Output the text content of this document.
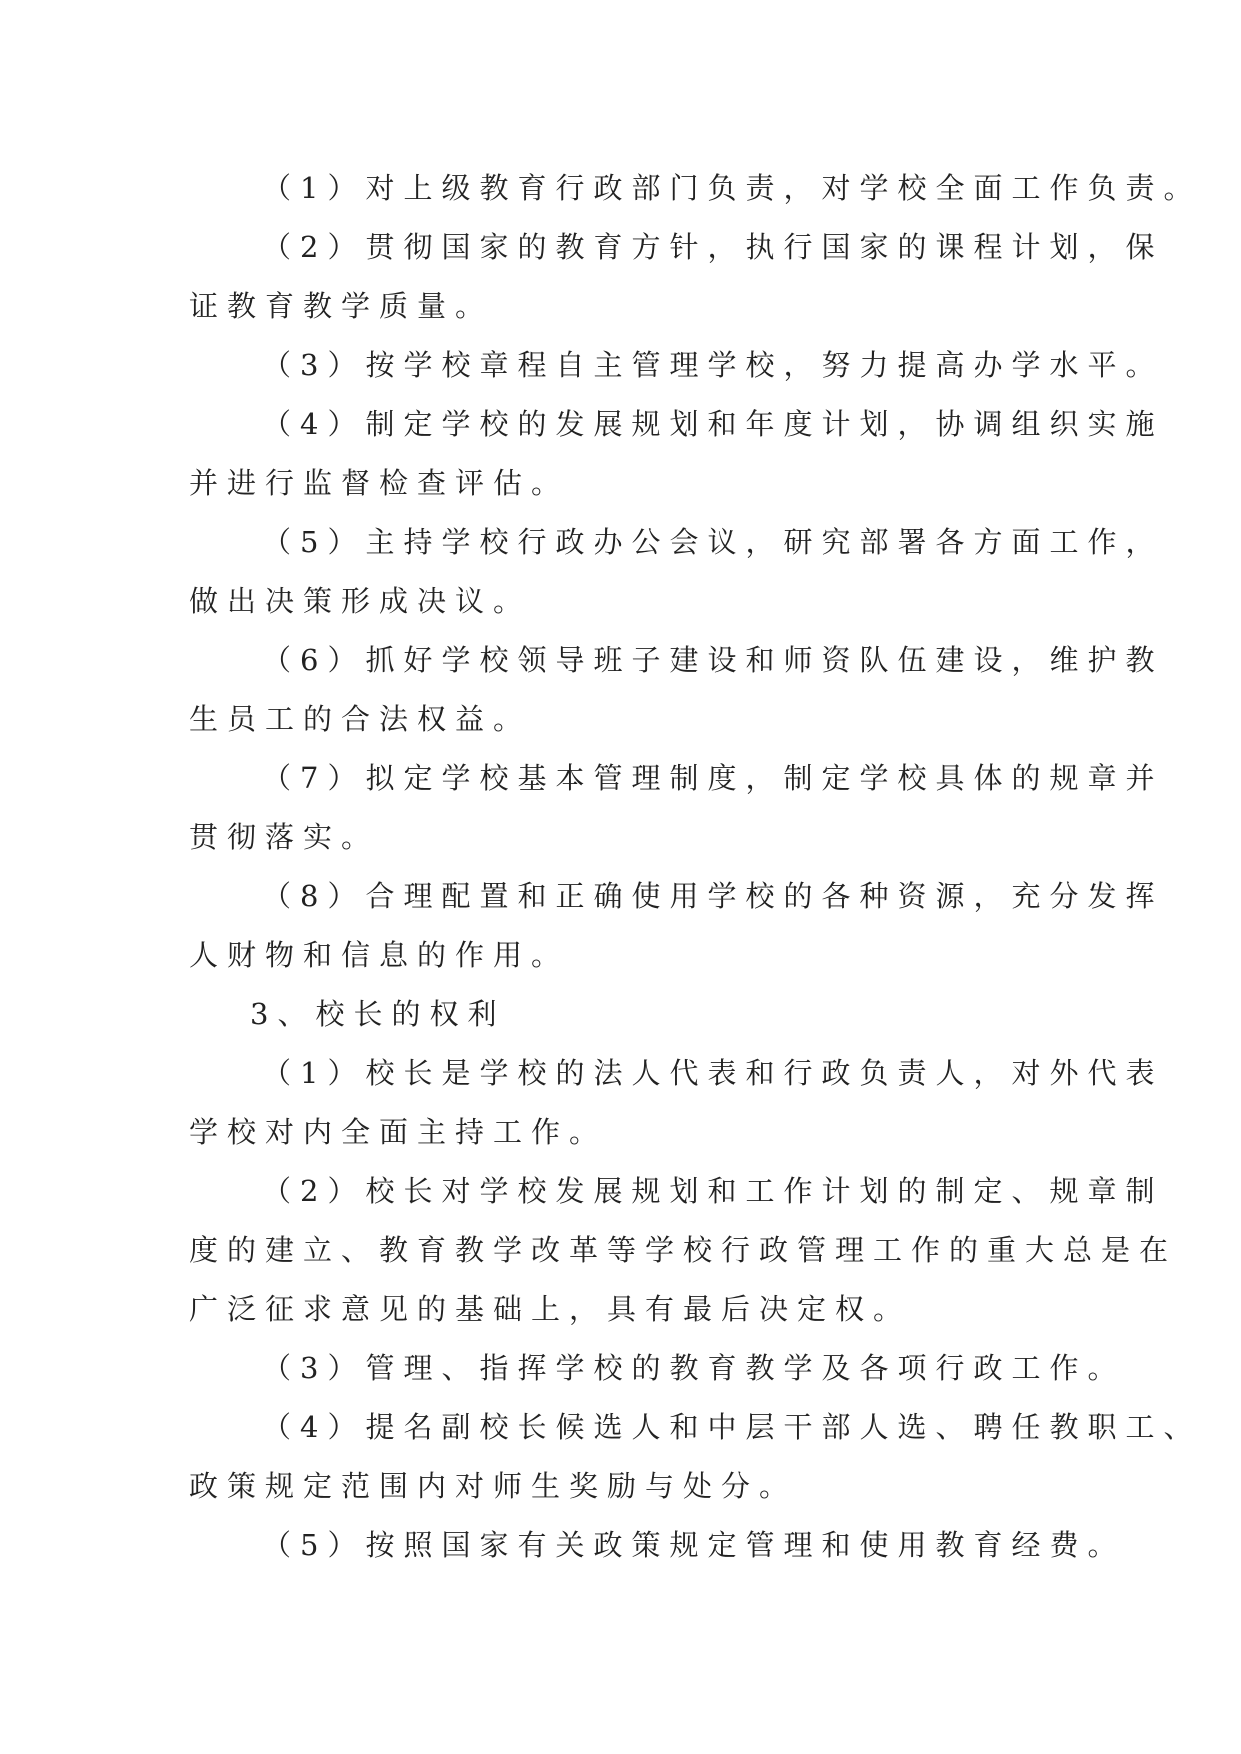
（1）对上级教育行政部门负责，对学校全面工作负责。
（2）贯彻国家的教育方针，执行国家的课程计划，保
证教育教学质量。
（3）按学校章程自主管理学校，努力提高办学水平。
（4）制定学校的发展规划和年度计划，协调组织实施
并进行监督检查评估。
（5）主持学校行政办公会议，研究部署各方面工作，
做出决策形成决议。
（6）抓好学校领导班子建设和师资队伍建设，维护教
生员工的合法权益。
（7）拟定学校基本管理制度，制定学校具体的规章并
贯彻落实。
（8）合理配置和正确使用学校的各种资源，充分发挥
人财物和信息的作用。
3、校长的权利
（1）校长是学校的法人代表和行政负责人，对外代表
学校对内全面主持工作。
（2）校长对学校发展规划和工作计划的制定、规章制
度的建立、教育教学改革等学校行政管理工作的重大总是在
广泛征求意见的基础上，具有最后决定权。
（3）管理、指挥学校的教育教学及各项行政工作。
（4）提名副校长候选人和中层干部人选、聘任教职工、
政策规定范围内对师生奖励与处分。
（5）按照国家有关政策规定管理和使用教育经费。
